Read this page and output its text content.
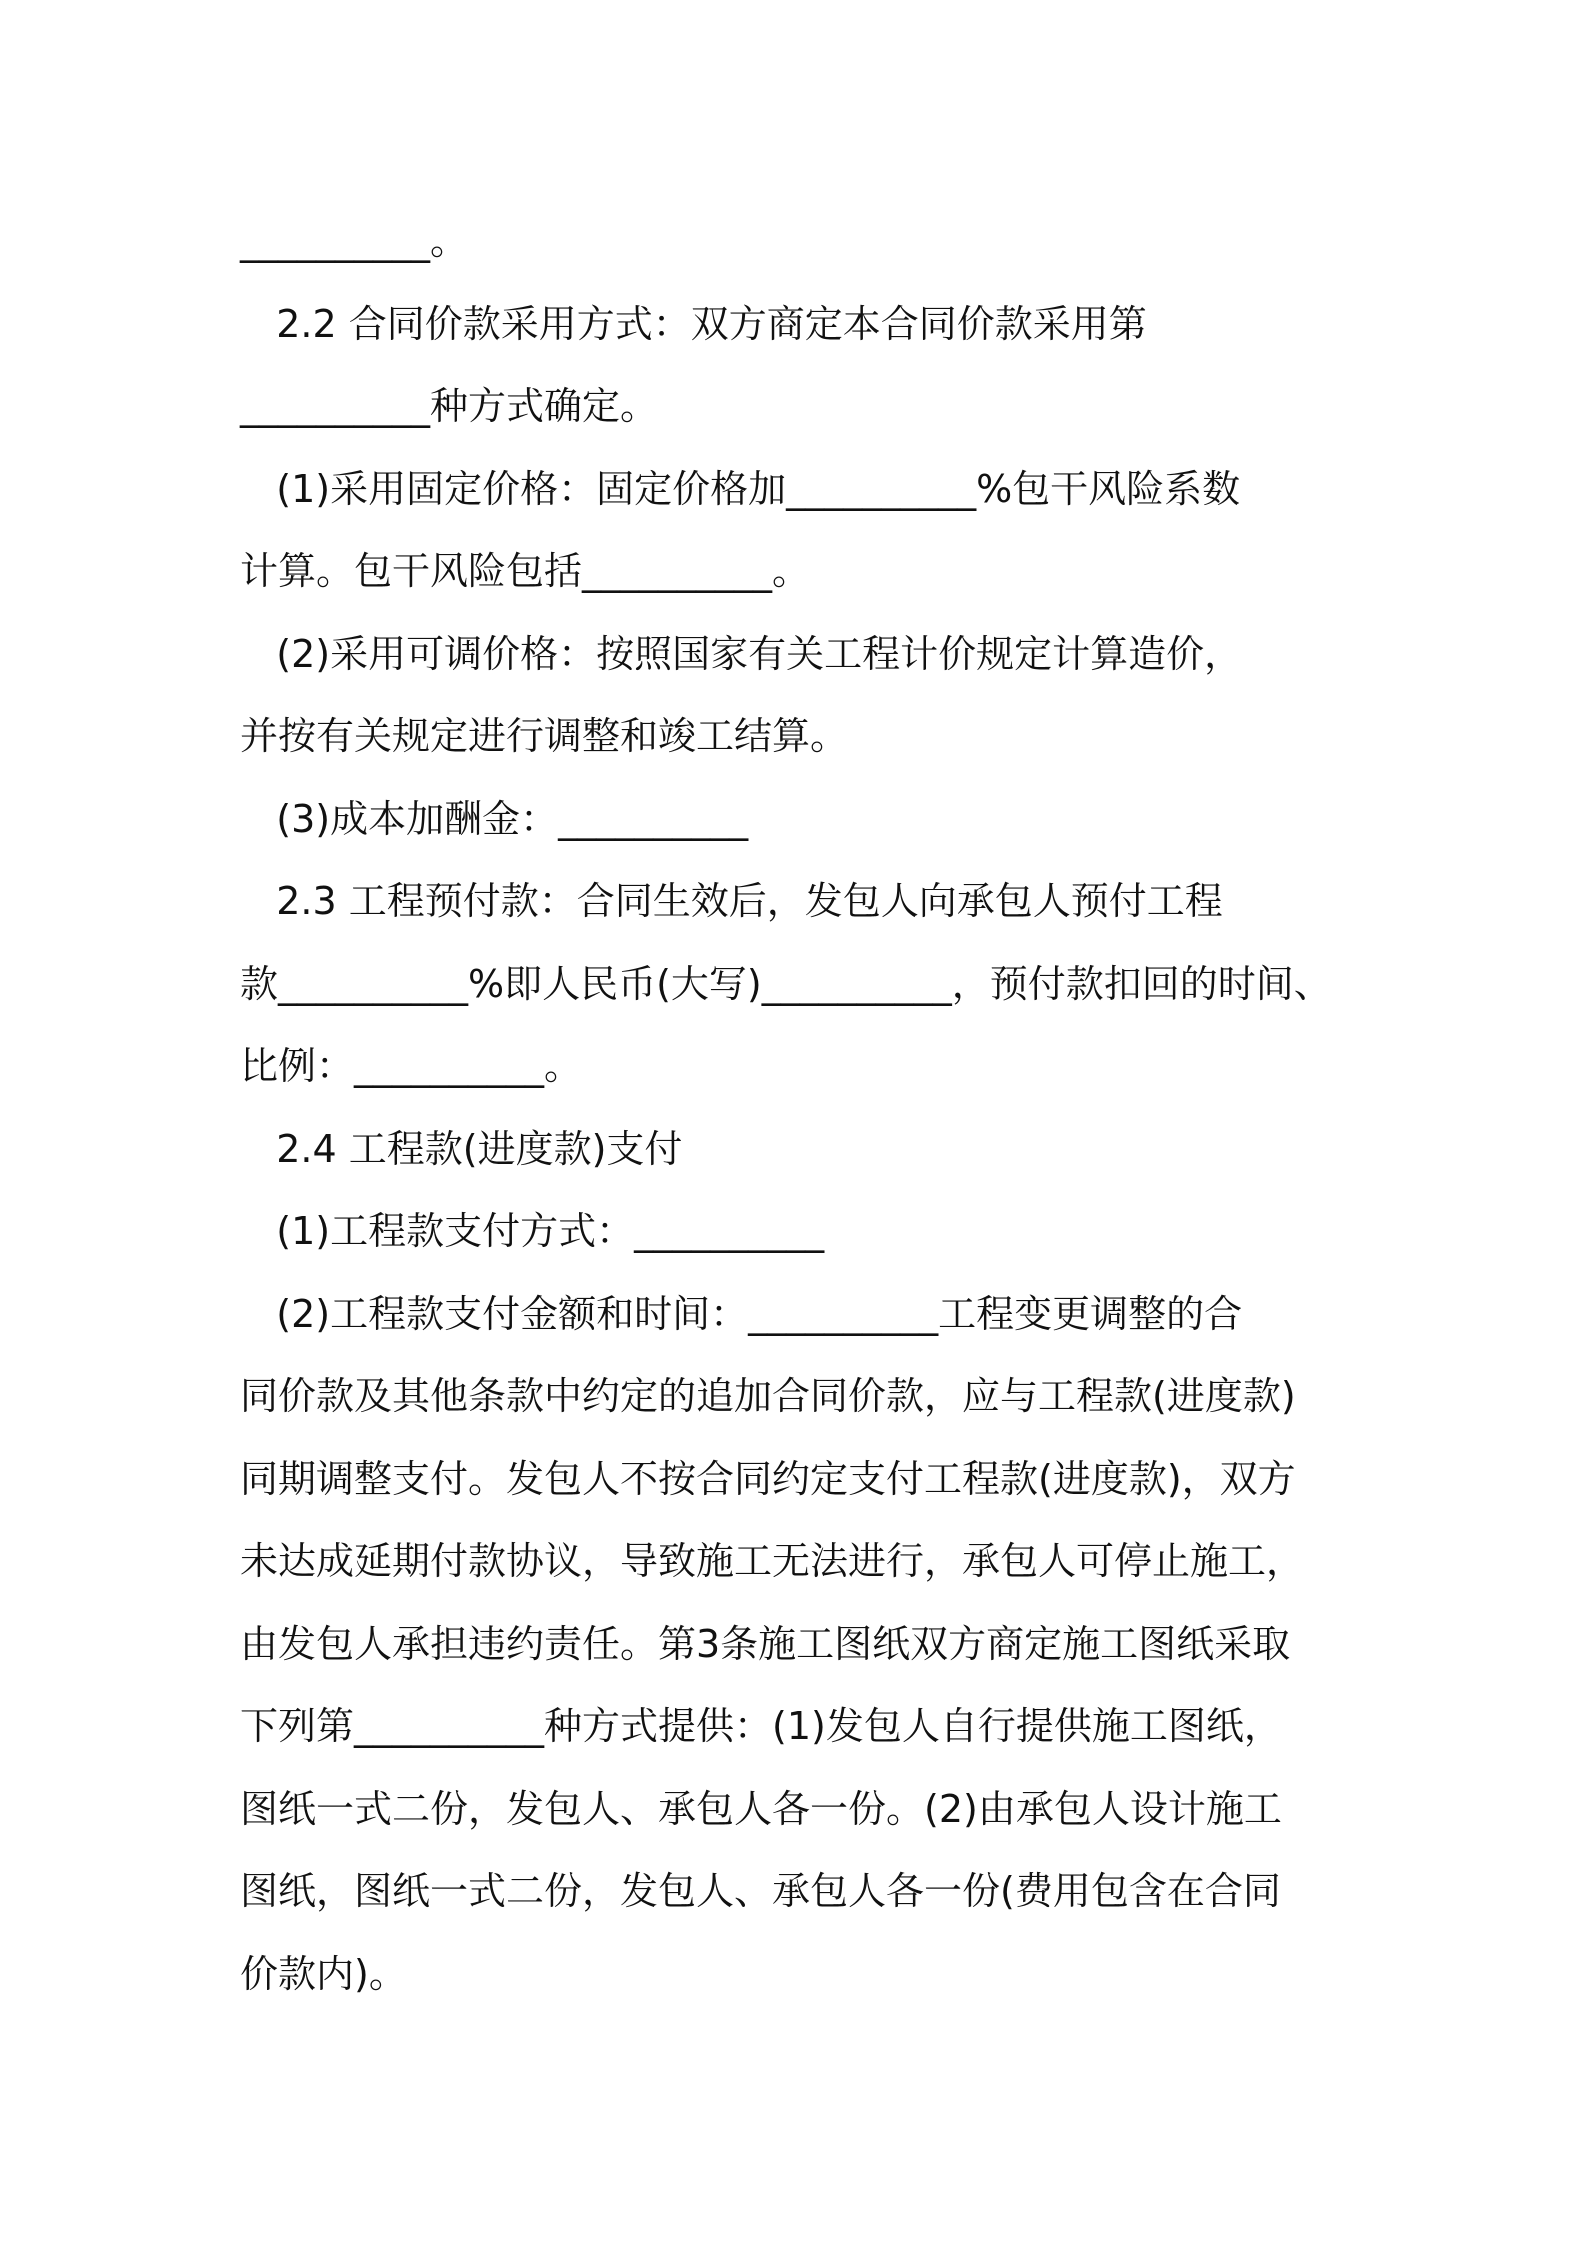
__________。
2.2 合同价款采用方式：双方商定本合同价款采用第
__________种方式确定。
(1)采用固定价格：固定价格加__________%包干风险系数
计算。包干风险包括__________。
(2)采用可调价格：按照国家有关工程计价规定计算造价，
并按有关规定进行调整和竣工结算。
(3)成本加酬金：__________
2.3 工程预付款：合同生效后，发包人向承包人预付工程
款__________%即人民币(大写)__________，预付款扣回的时间、
比例：__________。
2.4 工程款(进度款)支付
(1)工程款支付方式：__________
(2)工程款支付金额和时间：__________工程变更调整的合
同价款及其他条款中约定的追加合同价款，应与工程款(进度款)
同期调整支付。发包人不按合同约定支付工程款(进度款)，双方
未达成延期付款协议，导致施工无法进行，承包人可停止施工，
由发包人承担违约责任。第3条施工图纸双方商定施工图纸采取
下列第__________种方式提供：(1)发包人自行提供施工图纸，
图纸一式二份，发包人、承包人各一份。(2)由承包人设计施工
图纸，图纸一式二份，发包人、承包人各一份(费用包含在合同
价款内)。
